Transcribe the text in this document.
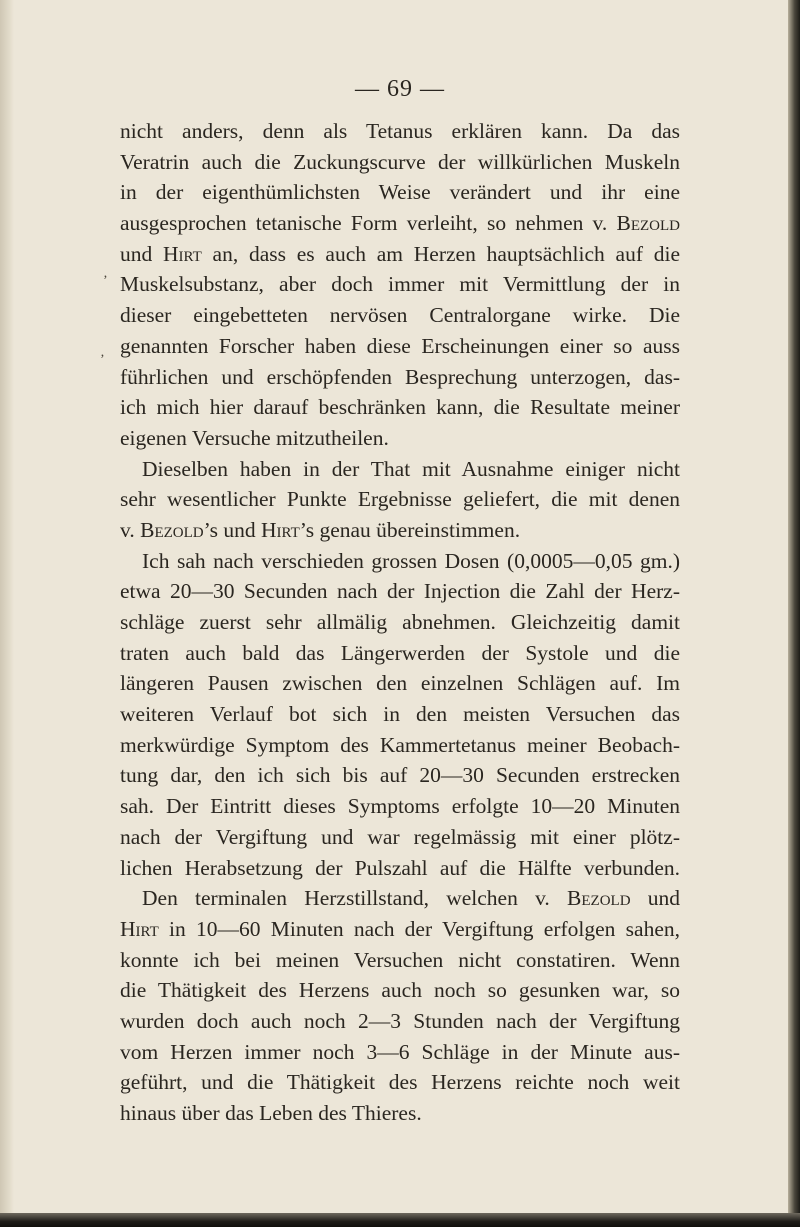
— 69 —
‚
‚
nicht anders, denn als Tetanus erklären kann. Da das
Veratrin auch die Zuckungscurve der willkürlichen Muskeln
in der eigenthümlichsten Weise verändert und ihr eine
ausgesprochen tetanische Form verleiht, so nehmen v. Bezold
und Hirt an, dass es auch am Herzen hauptsächlich auf die
Muskelsubstanz, aber doch immer mit Vermittlung der in
dieser eingebetteten nervösen Centralorgane wirke. Die
genannten Forscher haben diese Erscheinungen einer so auss
führlichen und erschöpfenden Besprechung unterzogen, das-
ich mich hier darauf beschränken kann, die Resultate meiner
eigenen Versuche mitzutheilen.
Dieselben haben in der That mit Ausnahme einiger nicht
sehr wesentlicher Punkte Ergebnisse geliefert, die mit denen
v. Bezold’s und Hirt’s genau übereinstimmen.
Ich sah nach verschieden grossen Dosen (0,0005—0,05 gm.)
etwa 20—30 Secunden nach der Injection die Zahl der Herz-
schläge zuerst sehr allmälig abnehmen. Gleichzeitig damit
traten auch bald das Längerwerden der Systole und die
längeren Pausen zwischen den einzelnen Schlägen auf. Im
weiteren Verlauf bot sich in den meisten Versuchen das
merkwürdige Symptom des Kammertetanus meiner Beobach-
tung dar, den ich sich bis auf 20—30 Secunden erstrecken
sah. Der Eintritt dieses Symptoms erfolgte 10—20 Minuten
nach der Vergiftung und war regelmässig mit einer plötz-
lichen Herabsetzung der Pulszahl auf die Hälfte verbunden.
Den terminalen Herzstillstand, welchen v. Bezold und
Hirt in 10—60 Minuten nach der Vergiftung erfolgen sahen,
konnte ich bei meinen Versuchen nicht constatiren. Wenn
die Thätigkeit des Herzens auch noch so gesunken war, so
wurden doch auch noch 2—3 Stunden nach der Vergiftung
vom Herzen immer noch 3—6 Schläge in der Minute aus-
geführt, und die Thätigkeit des Herzens reichte noch weit
hinaus über das Leben des Thieres.
